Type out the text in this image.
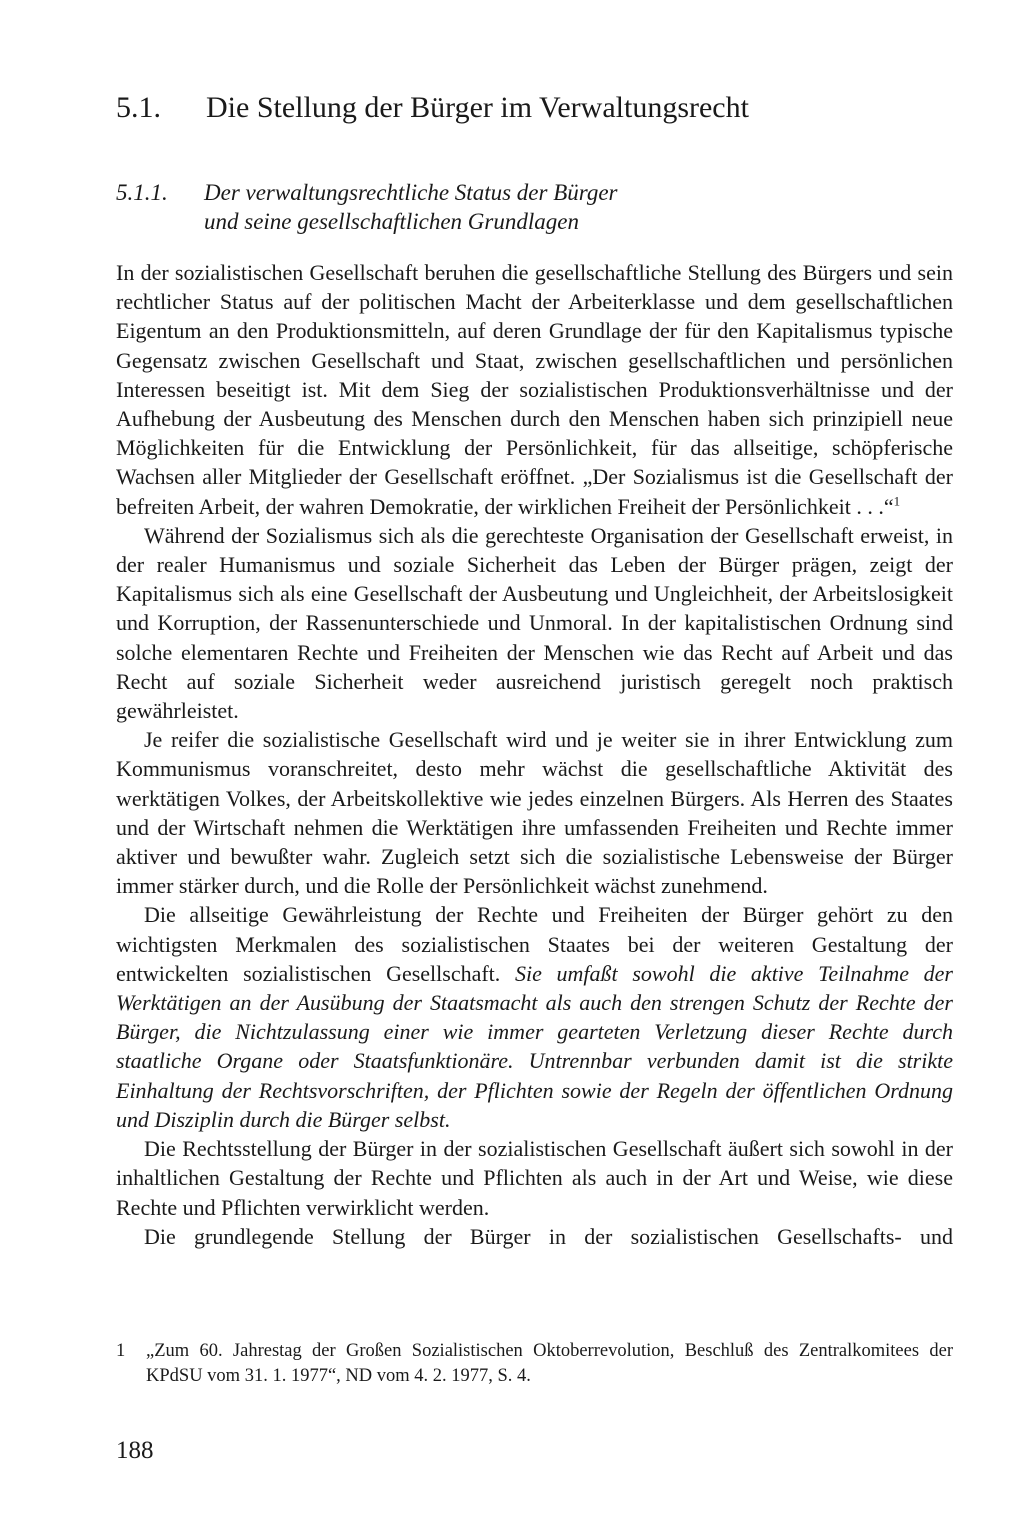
5.1. Die Stellung der Bürger im Verwaltungsrecht
5.1.1. Der verwaltungsrechtliche Status der Bürger
und seine gesellschaftlichen Grundlagen

In der sozialistischen Gesellschaft beruhen die gesellschaftliche Stellung des Bürgers und sein rechtlicher Status auf der politischen Macht der Arbeiterklasse und dem gesellschaftlichen Eigentum an den Produktionsmitteln, auf deren Grundlage der für den Kapitalismus typische Gegensatz zwischen Gesellschaft und Staat, zwischen gesellschaftlichen und persönlichen Interessen beseitigt ist. Mit dem Sieg der sozialistischen Produktionsverhältnisse und der Aufhebung der Ausbeutung des Menschen durch den Menschen haben sich prinzipiell neue Möglichkeiten für die Entwicklung der Persönlichkeit, für das allseitige, schöpferische Wachsen aller Mitglieder der Gesellschaft eröffnet. „Der Sozialismus ist die Gesellschaft der befreiten Arbeit, der wahren Demokratie, der wirklichen Freiheit der Persönlichkeit . . .“$^1$

Während der Sozialismus sich als die gerechteste Organisation der Gesellschaft erweist, in der realer Humanismus und soziale Sicherheit das Leben der Bürger prägen, zeigt der Kapitalismus sich als eine Gesellschaft der Ausbeutung und Ungleichheit, der Arbeitslosigkeit und Korruption, der Rassenunterschiede und Unmoral. In der kapitalistischen Ordnung sind solche elementaren Rechte und Freiheiten der Menschen wie das Recht auf Arbeit und das Recht auf soziale Sicherheit weder ausreichend juristisch geregelt noch praktisch gewährleistet.

Je reifer die sozialistische Gesellschaft wird und je weiter sie in ihrer Entwicklung zum Kommunismus voranschreitet, desto mehr wächst die gesellschaftliche Aktivität des werktätigen Volkes, der Arbeitskollektive wie jedes einzelnen Bürgers. Als Herren des Staates und der Wirtschaft nehmen die Werktätigen ihre umfassenden Freiheiten und Rechte immer aktiver und bewußter wahr. Zugleich setzt sich die sozialistische Lebensweise der Bürger immer stärker durch, und die Rolle der Persönlichkeit wächst zunehmend.

Die allseitige Gewährleistung der Rechte und Freiheiten der Bürger gehört zu den wichtigsten Merkmalen des sozialistischen Staates bei der weiteren Gestaltung der entwickelten sozialistischen Gesellschaft. Sie umfaßt sowohl die aktive Teilnahme der Werktätigen an der Ausübung der Staatsmacht als auch den strengen Schutz der Rechte der Bürger, die Nichtzulassung einer wie immer gearteten Verletzung dieser Rechte durch staatliche Organe oder Staatsfunktionäre. Untrennbar verbunden damit ist die strikte Einhaltung der Rechtsvorschriften, der Pflichten sowie der Regeln der öffentlichen Ordnung und Disziplin durch die Bürger selbst.

Die Rechtsstellung der Bürger in der sozialistischen Gesellschaft äußert sich sowohl in der inhaltlichen Gestaltung der Rechte und Pflichten als auch in der Art und Weise, wie diese Rechte und Pflichten verwirklicht werden.

Die grundlegende Stellung der Bürger in der sozialistischen Gesellschafts- und

1 „Zum 60. Jahrestag der Großen Sozialistischen Oktoberrevolution, Beschluß des Zentralkomitees der KPdSU vom 31. 1. 1977“, ND vom 4. 2. 1977, S. 4.
188
